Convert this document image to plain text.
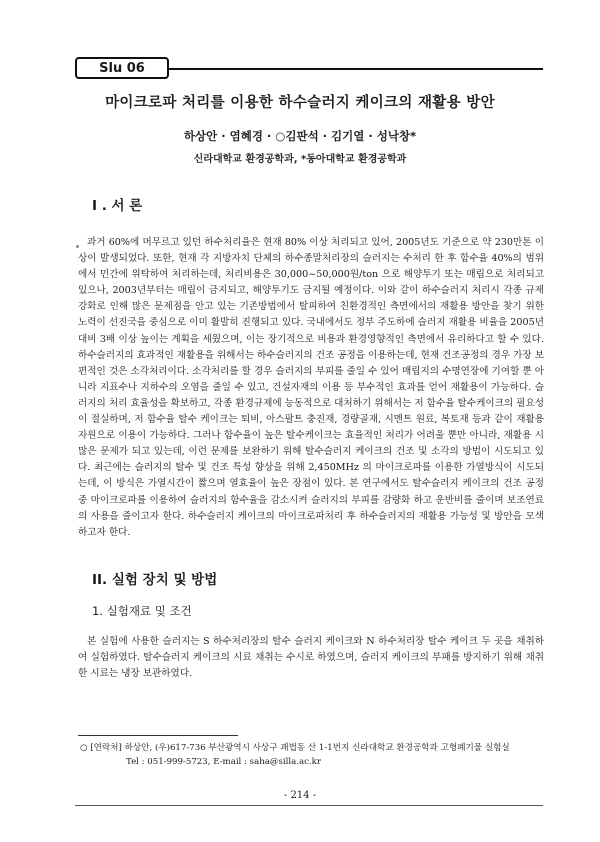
Slu 06
마이크로파 처리를 이용한 하수슬러지 케이크의 재활용 방안
하상안 · 염혜경 · ○김판석 · 김기열 · 성낙창*
신라대학교 환경공학과, *동아대학교 환경공학과
I . 서 론

과거 60%에 머무르고 있던 하수처리율은 현재 80% 이상 처리되고 있어, 2005년도 기준으로 약 230만톤 이상이 발생되었다. 또한, 현재 각 지방자치 단체의 하수종말처리장의 슬러지는 수처리 한 후 함수율 40%의 범위에서 민간에 위탁하여 처리하는데, 처리비용은 30,000~50,000원/ton 으로 해양투기 또는 매립으로 처리되고 있으나, 2003년부터는 매립이 금지되고, 해양투기도 금지될 예정이다. 이와 같이 하수슬러지 처리시 각종 규제강화로 인해 많은 문제점을 안고 있는 기존방법에서 탈피하여 친환경적인 측면에서의 재활용 방안을 찾기 위한 노력이 선진국을 중심으로 이미 활발히 진행되고 있다. 국내에서도 정부 주도하에 슬러지 재활용 비율을 2005년 대비 3배 이상 높이는 계획을 세웠으며, 이는 장기적으로 비용과 환경영향적인 측면에서 유리하다고 할 수 있다. 하수슬러지의 효과적인 재활용을 위해서는 하수슬러지의 건조 공정을 이용하는데, 현재 건조공정의 경우 가장 보편적인 것은 소각처리이다. 소각처리를 할 경우 슬러지의 부피를 줄일 수 있어 매립지의 수명연장에 기여할 뿐 아니라 지표수나 지하수의 오염을 줄일 수 있고, 건설자재의 이용 등 부수적인 효과를 얻어 재활용이 가능하다. 슬러지의 처리 효율성을 확보하고, 각종 환경규제에 능동적으로 대처하기 위해서는 저 함수율 탈수케이크의 필요성이 절실하며, 저 함수율 탈수 케이크는 퇴비, 아스팔트 충진재, 경량골재, 시멘트 원료, 복토재 등과 같이 재활용 자원으로 이용이 가능하다. 그러나 함수율이 높은 탈수케이크는 효율적인 처리가 어려울 뿐만 아니라, 재활용 시 많은 문제가 되고 있는데, 이런 문제를 보완하기 위해 탈수슬러지 케이크의 건조 및 소각의 방법이 시도되고 있다. 최근에는 슬러지의 탈수 및 건조 특성 향상을 위해 2,450MHz 의 마이크로파를 이용한 가열방식이 시도되는데, 이 방식은 가열시간이 짧으며 열효율이 높은 장점이 있다. 본 연구에서도 탈수슬러지 케이크의 건조 공정 중 마이크로파를 이용하여 슬러지의 함수율을 감소시켜 슬러지의 부피를 감량화 하고 운반비를 줄이며 보조연료의 사용을 줄이고자 한다. 하수슬러지 케이크의 마이크로파처리 후 하수슬러지의 재활용 가능성 및 방안을 모색하고자 한다.

II. 실험 장치 및 방법
1. 실험재료 및 조건

본 실험에 사용한 슬러지는 S 하수처리장의 탈수 슬러지 케이크와 N 하수처리장 탈수 케이크 두 곳을 채취하여 실험하였다. 탈수슬러지 케이크의 시료 채취는 수시로 하였으며, 슬러지 케이크의 부패를 방지하기 위해 채취한 시료는 냉장 보관하였다.

○ [연락처] 하상안, (우)617-736 부산광역시 사상구 괘법동 산 1-1번지 신라대학교 환경공학과 고형폐기물 실험실
Tel : 051-999-5723, E-mail : saha@silla.ac.kr
- 214 -
